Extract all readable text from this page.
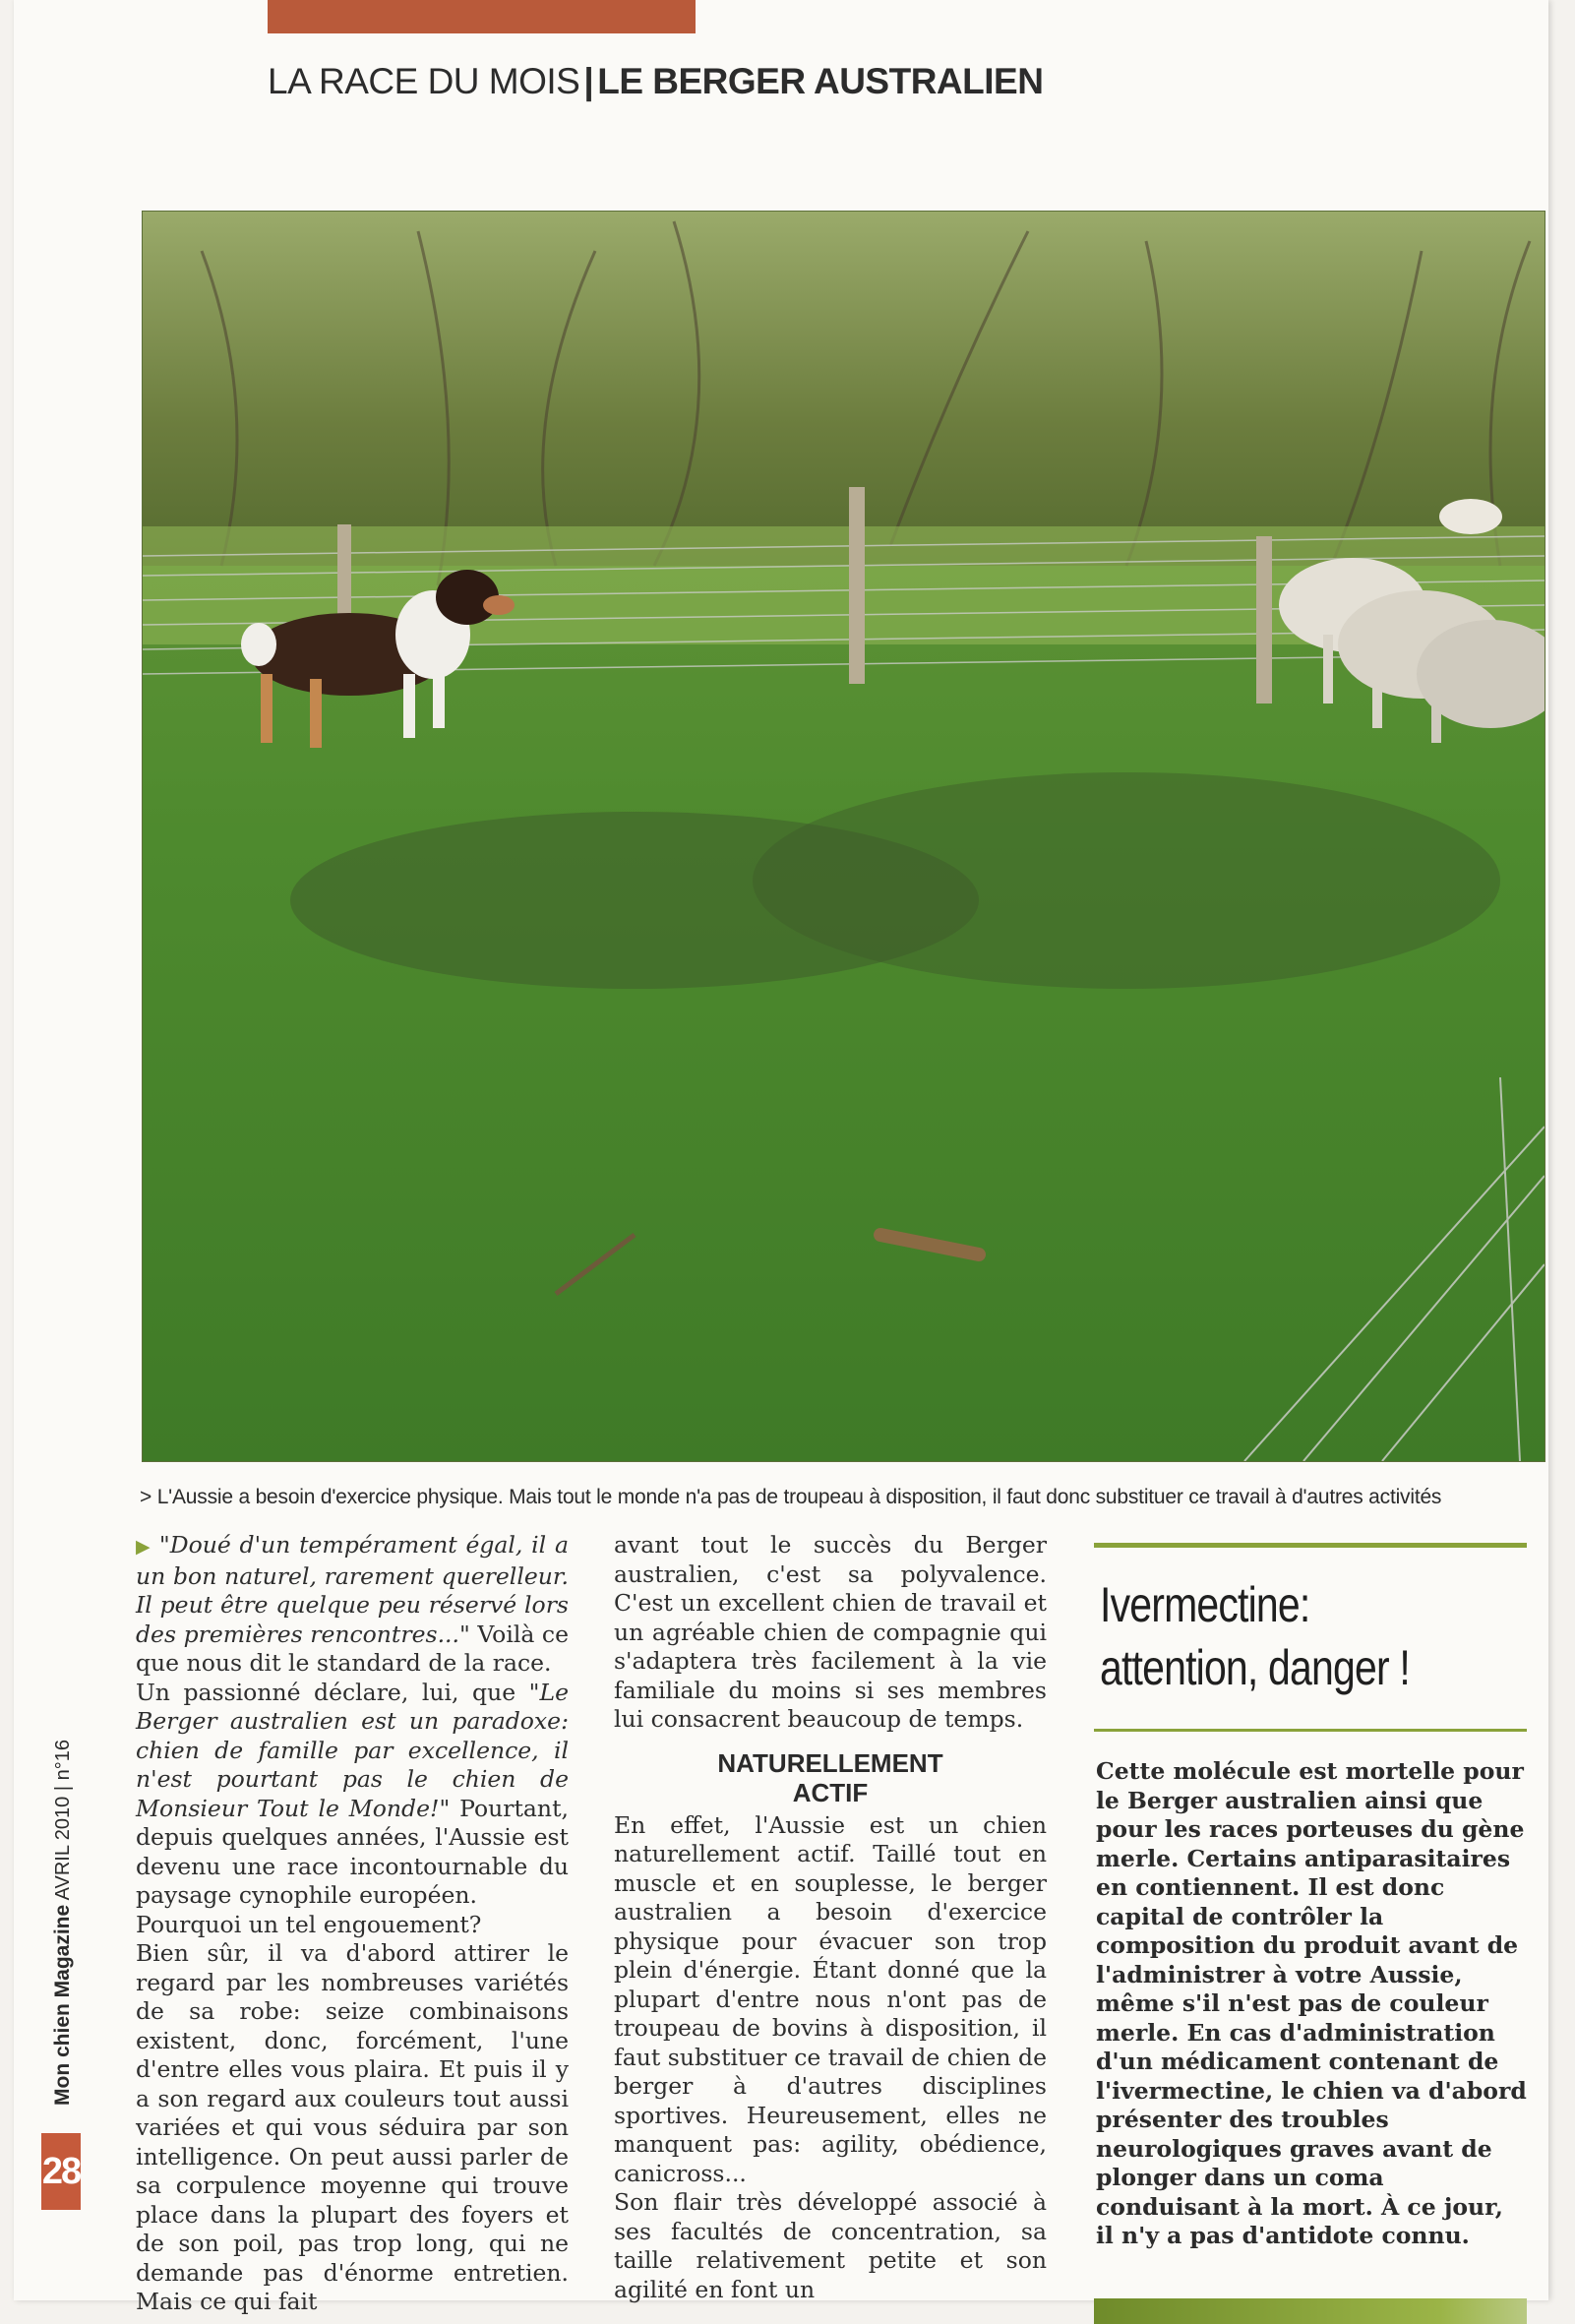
LA RACE DU MOIS | LE BERGER AUSTRALIEN
> L'Aussie a besoin d'exercice physique. Mais tout le monde n'a pas de troupeau à disposition, il faut donc substituer ce travail à d'autres activités

▶ "Doué d'un tempérament égal, il a un bon naturel, rarement querelleur. Il peut être quelque peu réservé lors des premières rencontres..." Voilà ce que nous dit le standard de la race.

Un passionné déclare, lui, que "Le Berger australien est un paradoxe: chien de famille par excellence, il n'est pourtant pas le chien de Monsieur Tout le Monde!" Pourtant, depuis quelques années, l'Aussie est devenu une race incontournable du paysage cynophile européen.

Pourquoi un tel engouement?

Bien sûr, il va d'abord attirer le regard par les nombreuses variétés de sa robe: seize combinaisons existent, donc, forcément, l'une d'entre elles vous plaira. Et puis il y a son regard aux couleurs tout aussi variées et qui vous séduira par son intelligence. On peut aussi parler de sa corpulence moyenne qui trouve place dans la plupart des foyers et de son poil, pas trop long, qui ne demande pas d'énorme entretien. Mais ce qui fait

avant tout le succès du Berger australien, c'est sa polyvalence. C'est un excellent chien de travail et un agréable chien de compagnie qui s'adaptera très facilement à la vie familiale du moins si ses membres lui consacrent beaucoup de temps.

NATURELLEMENT
ACTIF

En effet, l'Aussie est un chien naturellement actif. Taillé tout en muscle et en souplesse, le berger australien a besoin d'exercice physique pour évacuer son trop plein d'énergie. Étant donné que la plupart d'entre nous n'ont pas de troupeau de bovins à disposition, il faut substituer ce travail de chien de berger à d'autres disciplines sportives. Heureusement, elles ne manquent pas: agility, obédience, canicross...

Son flair très développé associé à ses facultés de concentration, sa taille relativement petite et son agilité en font un

Ivermectine:
attention, danger !
Cette molécule est mortelle pour le Berger australien ainsi que pour les races porteuses du gène merle. Certains antiparasitaires en contiennent. Il est donc capital de contrôler la composition du produit avant de l'administrer à votre Aussie, même s'il n'est pas de couleur merle. En cas d'administration d'un médicament contenant de l'ivermectine, le chien va d'abord présenter des troubles neurologiques graves avant de plonger dans un coma conduisant à la mort. À ce jour, il n'y a pas d'antidote connu.
Mon chien Magazine AVRIL 2010 | n°16
28
